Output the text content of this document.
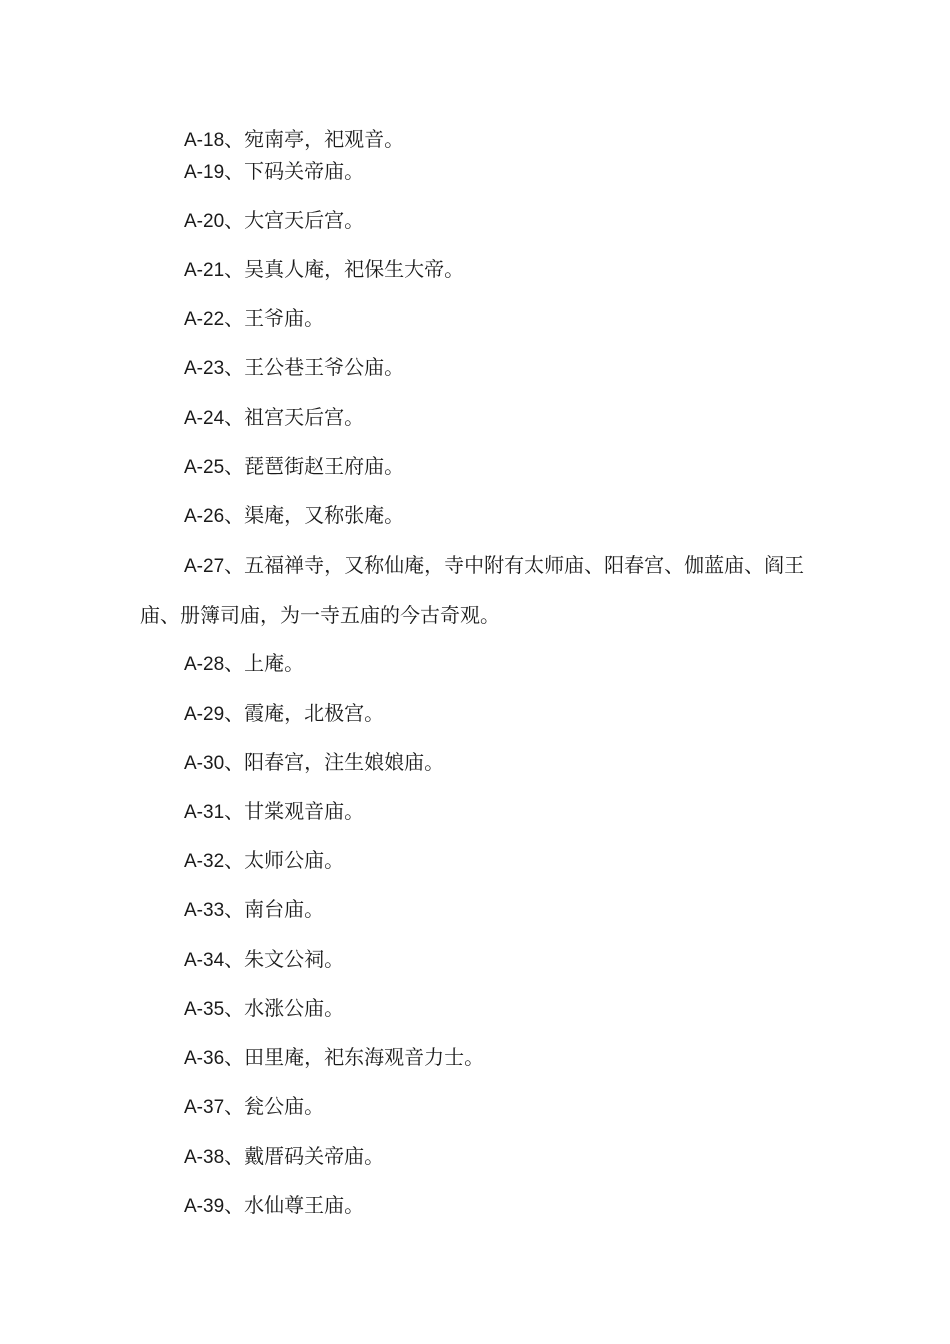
A-18、宛南亭，祀观音。

A-19、下码关帝庙。

A-20、大宫天后宫。

A-21、吴真人庵，祀保生大帝。

A-22、王爷庙。

A-23、王公巷王爷公庙。

A-24、祖宫天后宫。

A-25、琵琶街赵王府庙。

A-26、渠庵，又称张庵。

A-27、五福禅寺，又称仙庵，寺中附有太师庙、阳春宫、伽蓝庙、阎王庙、册簿司庙，为一寺五庙的今古奇观。

A-28、上庵。

A-29、霞庵，北极宫。

A-30、阳春宫，注生娘娘庙。

A-31、甘棠观音庙。

A-32、太师公庙。

A-33、南台庙。

A-34、朱文公祠。

A-35、水涨公庙。

A-36、田里庵，祀东海观音力士。

A-37、瓮公庙。

A-38、戴厝码关帝庙。

A-39、水仙尊王庙。
